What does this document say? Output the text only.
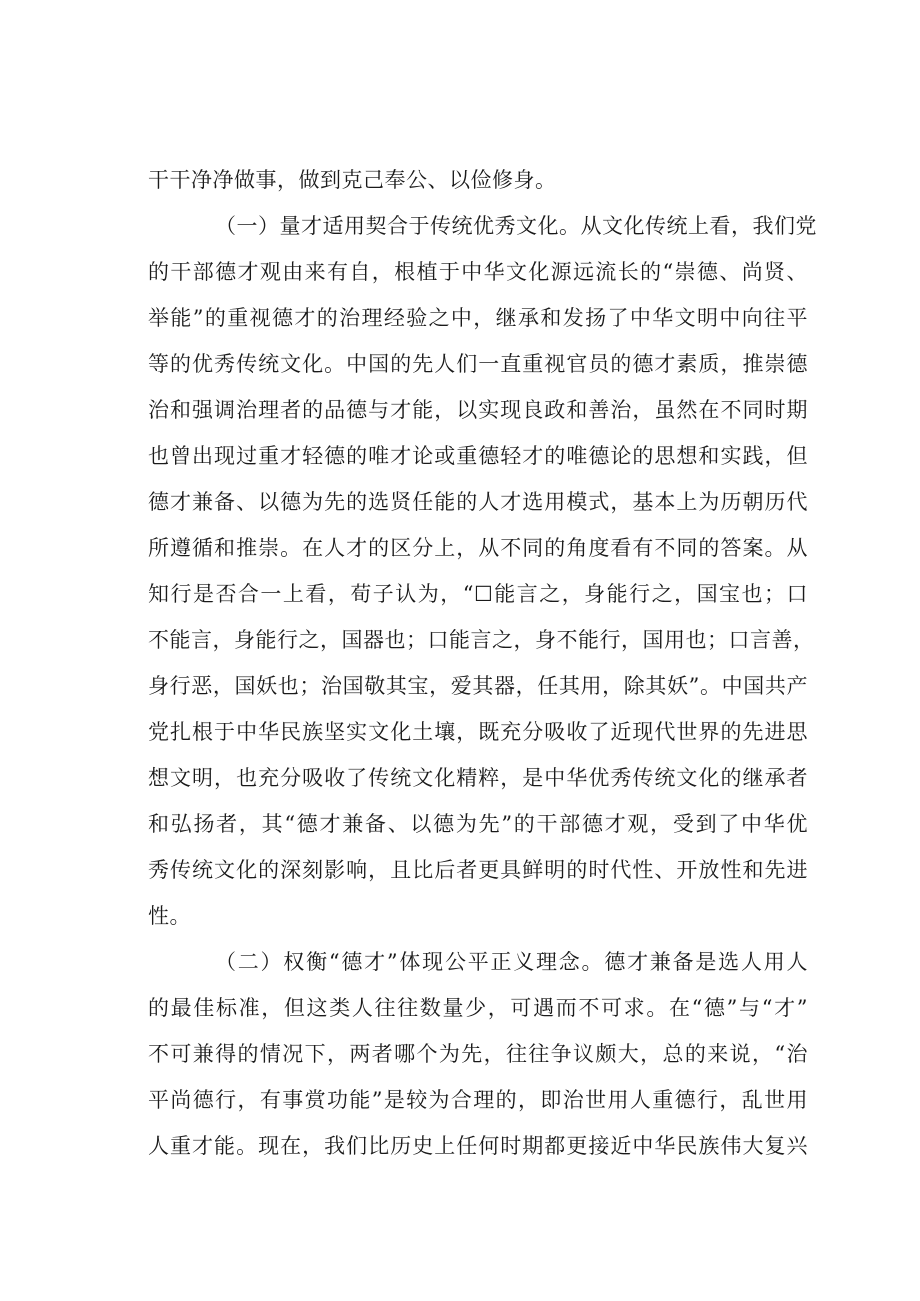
干干净净做事，做到克己奉公、以俭修身。
（一）量才适用契合于传统优秀文化。从文化传统上看，我们党
的干部德才观由来有自，根植于中华文化源远流长的“崇德、尚贤、
举能”的重视德才的治理经验之中，继承和发扬了中华文明中向往平
等的优秀传统文化。中国的先人们一直重视官员的德才素质，推崇德
治和强调治理者的品德与才能，以实现良政和善治，虽然在不同时期
也曾出现过重才轻德的唯才论或重德轻才的唯德论的思想和实践，但
德才兼备、以德为先的选贤任能的人才选用模式，基本上为历朝历代
所遵循和推崇。在人才的区分上，从不同的角度看有不同的答案。从
知行是否合一上看，荀子认为，“☐能言之，身能行之，国宝也；口
不能言，身能行之，国器也；口能言之，身不能行，国用也；口言善，
身行恶，国妖也；治国敬其宝，爱其器，任其用，除其妖”。中国共产
党扎根于中华民族坚实文化土壤，既充分吸收了近现代世界的先进思
想文明，也充分吸收了传统文化精粹，是中华优秀传统文化的继承者
和弘扬者，其“德才兼备、以德为先”的干部德才观，受到了中华优
秀传统文化的深刻影响，且比后者更具鲜明的时代性、开放性和先进
性。
（二）权衡“德才”体现公平正义理念。德才兼备是选人用人
的最佳标准，但这类人往往数量少，可遇而不可求。在“德”与“才”
不可兼得的情况下，两者哪个为先，往往争议颇大，总的来说，“治
平尚德行，有事赏功能”是较为合理的，即治世用人重德行，乱世用
人重才能。现在，我们比历史上任何时期都更接近中华民族伟大复兴
